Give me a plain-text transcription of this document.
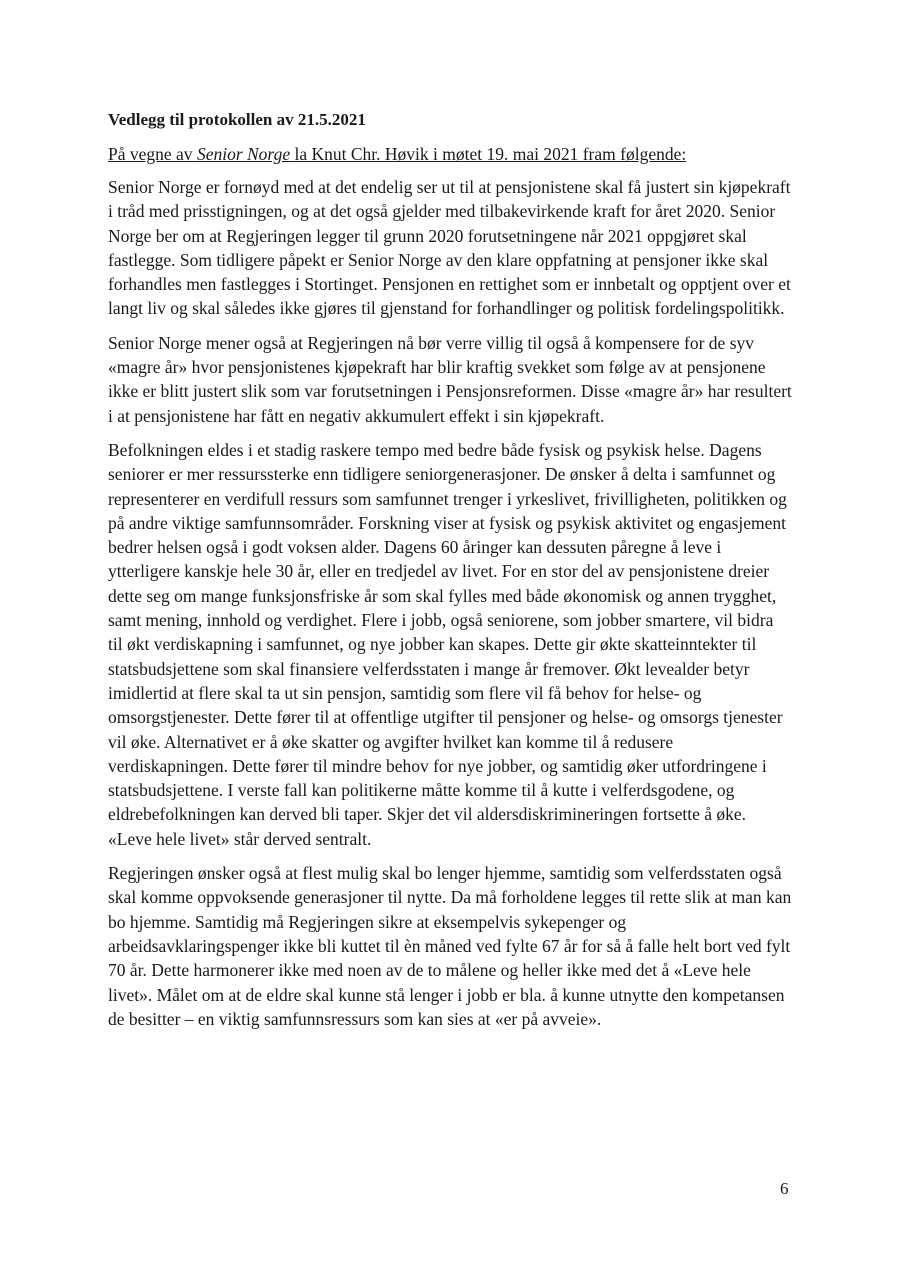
Vedlegg til protokollen av 21.5.2021

På vegne av Senior Norge la Knut Chr. Høvik i møtet 19. mai 2021 fram følgende:

Senior Norge er fornøyd med at det endelig ser ut til at pensjonistene skal få justert sin kjøpekraft i tråd med prisstigningen, og at det også gjelder med tilbakevirkende kraft for året 2020. Senior Norge ber om at Regjeringen legger til grunn 2020 forutsetningene når 2021 oppgjøret skal fastlegge. Som tidligere påpekt er Senior Norge av den klare oppfatning at pensjoner ikke skal forhandles men fastlegges i Stortinget. Pensjonen en rettighet som er innbetalt og opptjent over et langt liv og skal således ikke gjøres til gjenstand for forhandlinger og politisk fordelingspolitikk.

Senior Norge mener også at Regjeringen nå bør verre villig til også å kompensere for de syv «magre år» hvor pensjonistenes kjøpekraft har blir kraftig svekket som følge av at pensjonene ikke er blitt justert slik som var forutsetningen i Pensjonsreformen. Disse «magre år» har resultert i at pensjonistene har fått en negativ akkumulert effekt i sin kjøpekraft.

Befolkningen eldes i et stadig raskere tempo med bedre både fysisk og psykisk helse. Dagens seniorer er mer ressurssterke enn tidligere seniorgenerasjoner. De ønsker å delta i samfunnet og representerer en verdifull ressurs som samfunnet trenger i yrkeslivet, frivilligheten, politikken og på andre viktige samfunnsområder. Forskning viser at fysisk og psykisk aktivitet og engasjement bedrer helsen også i godt voksen alder. Dagens 60 åringer kan dessuten påregne å leve i ytterligere kanskje hele 30 år, eller en tredjedel av livet. For en stor del av pensjonistene dreier dette seg om mange funksjonsfriske år som skal fylles med både økonomisk og annen trygghet, samt mening, innhold og verdighet. Flere i jobb, også seniorene, som jobber smartere, vil bidra til økt verdiskapning i samfunnet, og nye jobber kan skapes. Dette gir økte skatteinntekter til statsbudsjettene som skal finansiere velferdsstaten i mange år fremover. Økt levealder betyr imidlertid at flere skal ta ut sin pensjon, samtidig som flere vil få behov for helse- og omsorgstjenester. Dette fører til at offentlige utgifter til pensjoner og helse- og omsorgs tjenester vil øke. Alternativet er å øke skatter og avgifter hvilket kan komme til å redusere verdiskapningen. Dette fører til mindre behov for nye jobber, og samtidig øker utfordringene i statsbudsjettene. I verste fall kan politikerne måtte komme til å kutte i velferdsgodene, og eldrebefolkningen kan derved bli taper. Skjer det vil aldersdiskrimineringen fortsette å øke. «Leve hele livet» står derved sentralt.

Regjeringen ønsker også at flest mulig skal bo lenger hjemme, samtidig som velferdsstaten også skal komme oppvoksende generasjoner til nytte. Da må forholdene legges til rette slik at man kan bo hjemme. Samtidig må Regjeringen sikre at eksempelvis sykepenger og arbeidsavklaringspenger ikke bli kuttet til èn måned ved fylte 67 år for så å falle helt bort ved fylt 70 år. Dette harmonerer ikke med noen av de to målene og heller ikke med det å «Leve hele livet». Målet om at de eldre skal kunne stå lenger i jobb er bla. å kunne utnytte den kompetansen de besitter – en viktig samfunnsressurs som kan sies at «er på avveie».

6
